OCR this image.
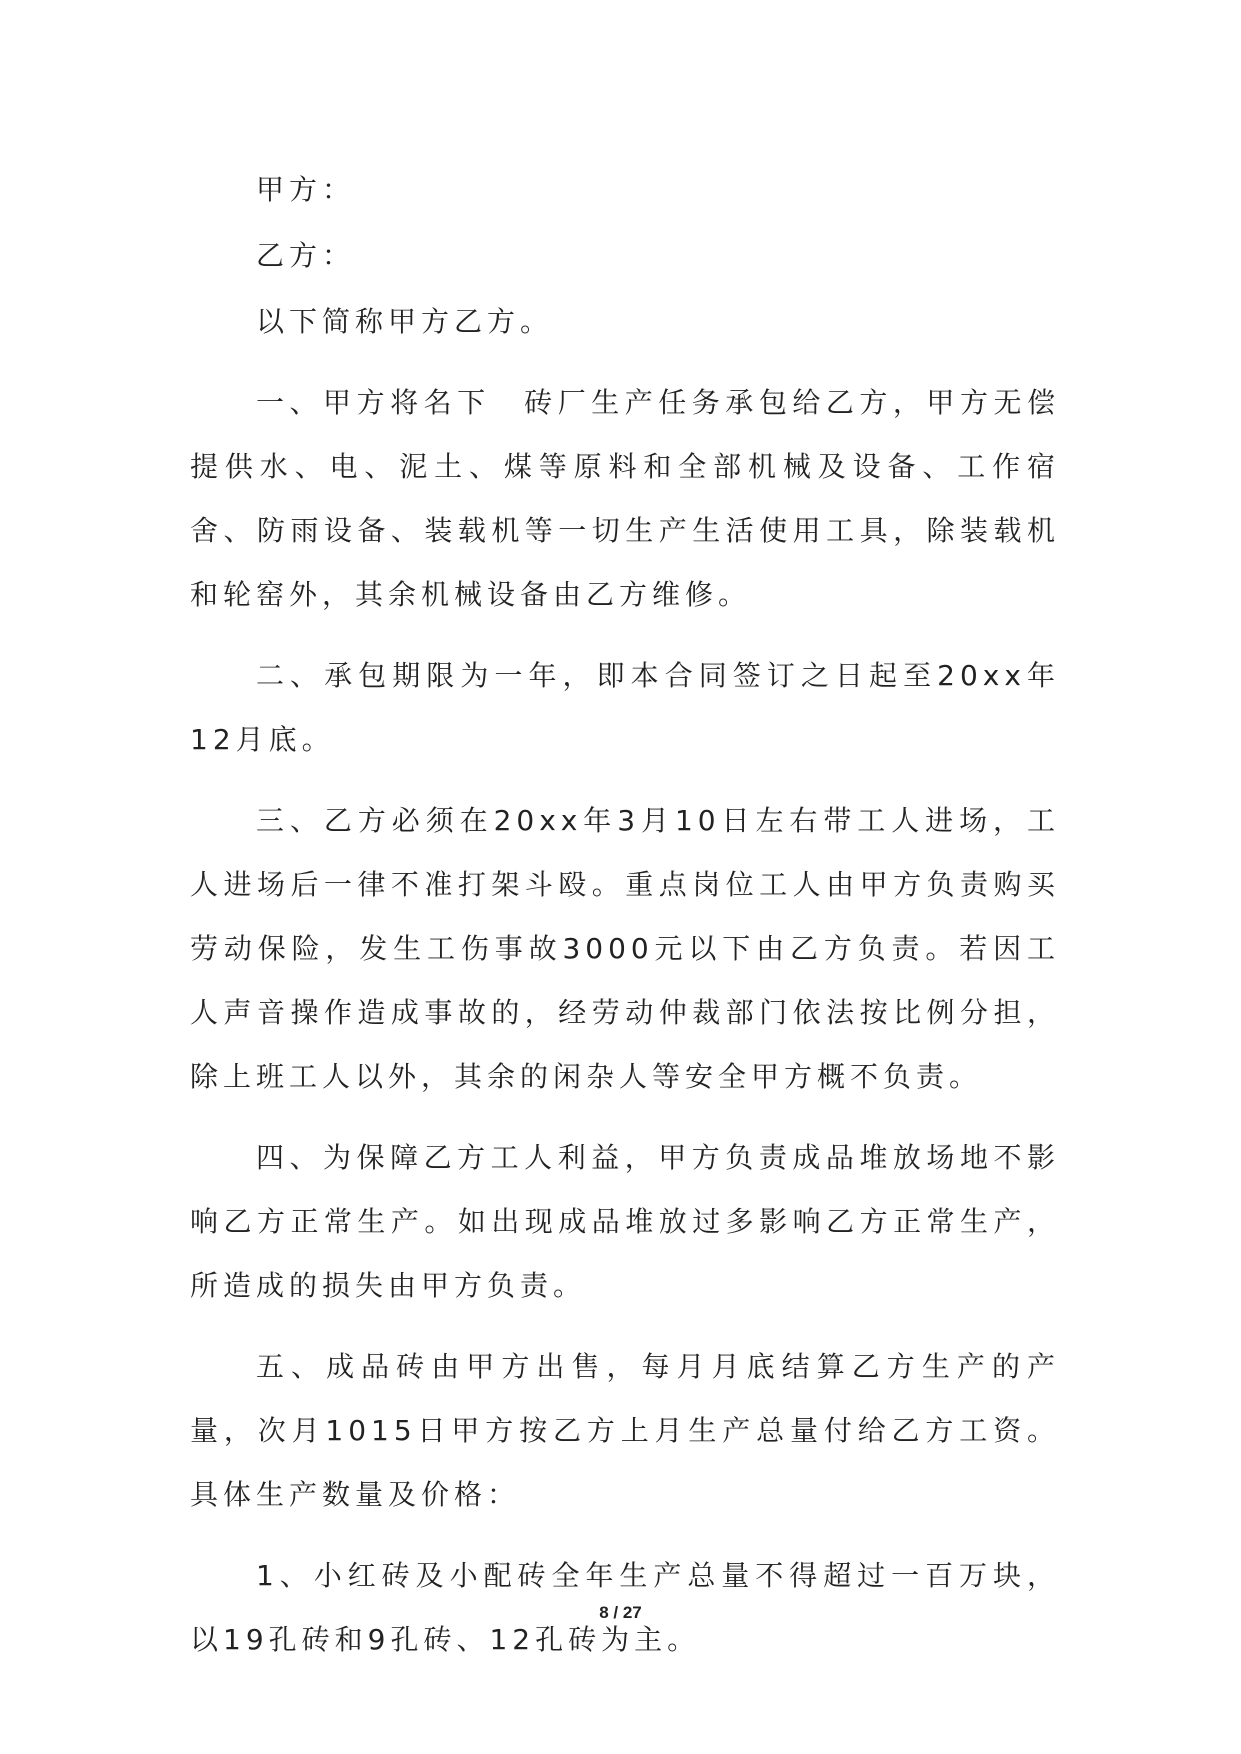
甲方：

乙方：

以下简称甲方乙方。

一、甲方将名下　砖厂生产任务承包给乙方，甲方无偿提供水、电、泥土、煤等原料和全部机械及设备、工作宿舍、防雨设备、装载机等一切生产生活使用工具，除装载机和轮窑外，其余机械设备由乙方维修。

二、承包期限为一年，即本合同签订之日起至20xx年12月底。

三、乙方必须在20xx年3月10日左右带工人进场，工人进场后一律不准打架斗殴。重点岗位工人由甲方负责购买劳动保险，发生工伤事故3000元以下由乙方负责。若因工人声音操作造成事故的，经劳动仲裁部门依法按比例分担，除上班工人以外，其余的闲杂人等安全甲方概不负责。

四、为保障乙方工人利益，甲方负责成品堆放场地不影响乙方正常生产。如出现成品堆放过多影响乙方正常生产，所造成的损失由甲方负责。

五、成品砖由甲方出售，每月月底结算乙方生产的产量，次月1015日甲方按乙方上月生产总量付给乙方工资。具体生产数量及价格：

1、小红砖及小配砖全年生产总量不得超过一百万块，以19孔砖和9孔砖、12孔砖为主。

8 / 27
